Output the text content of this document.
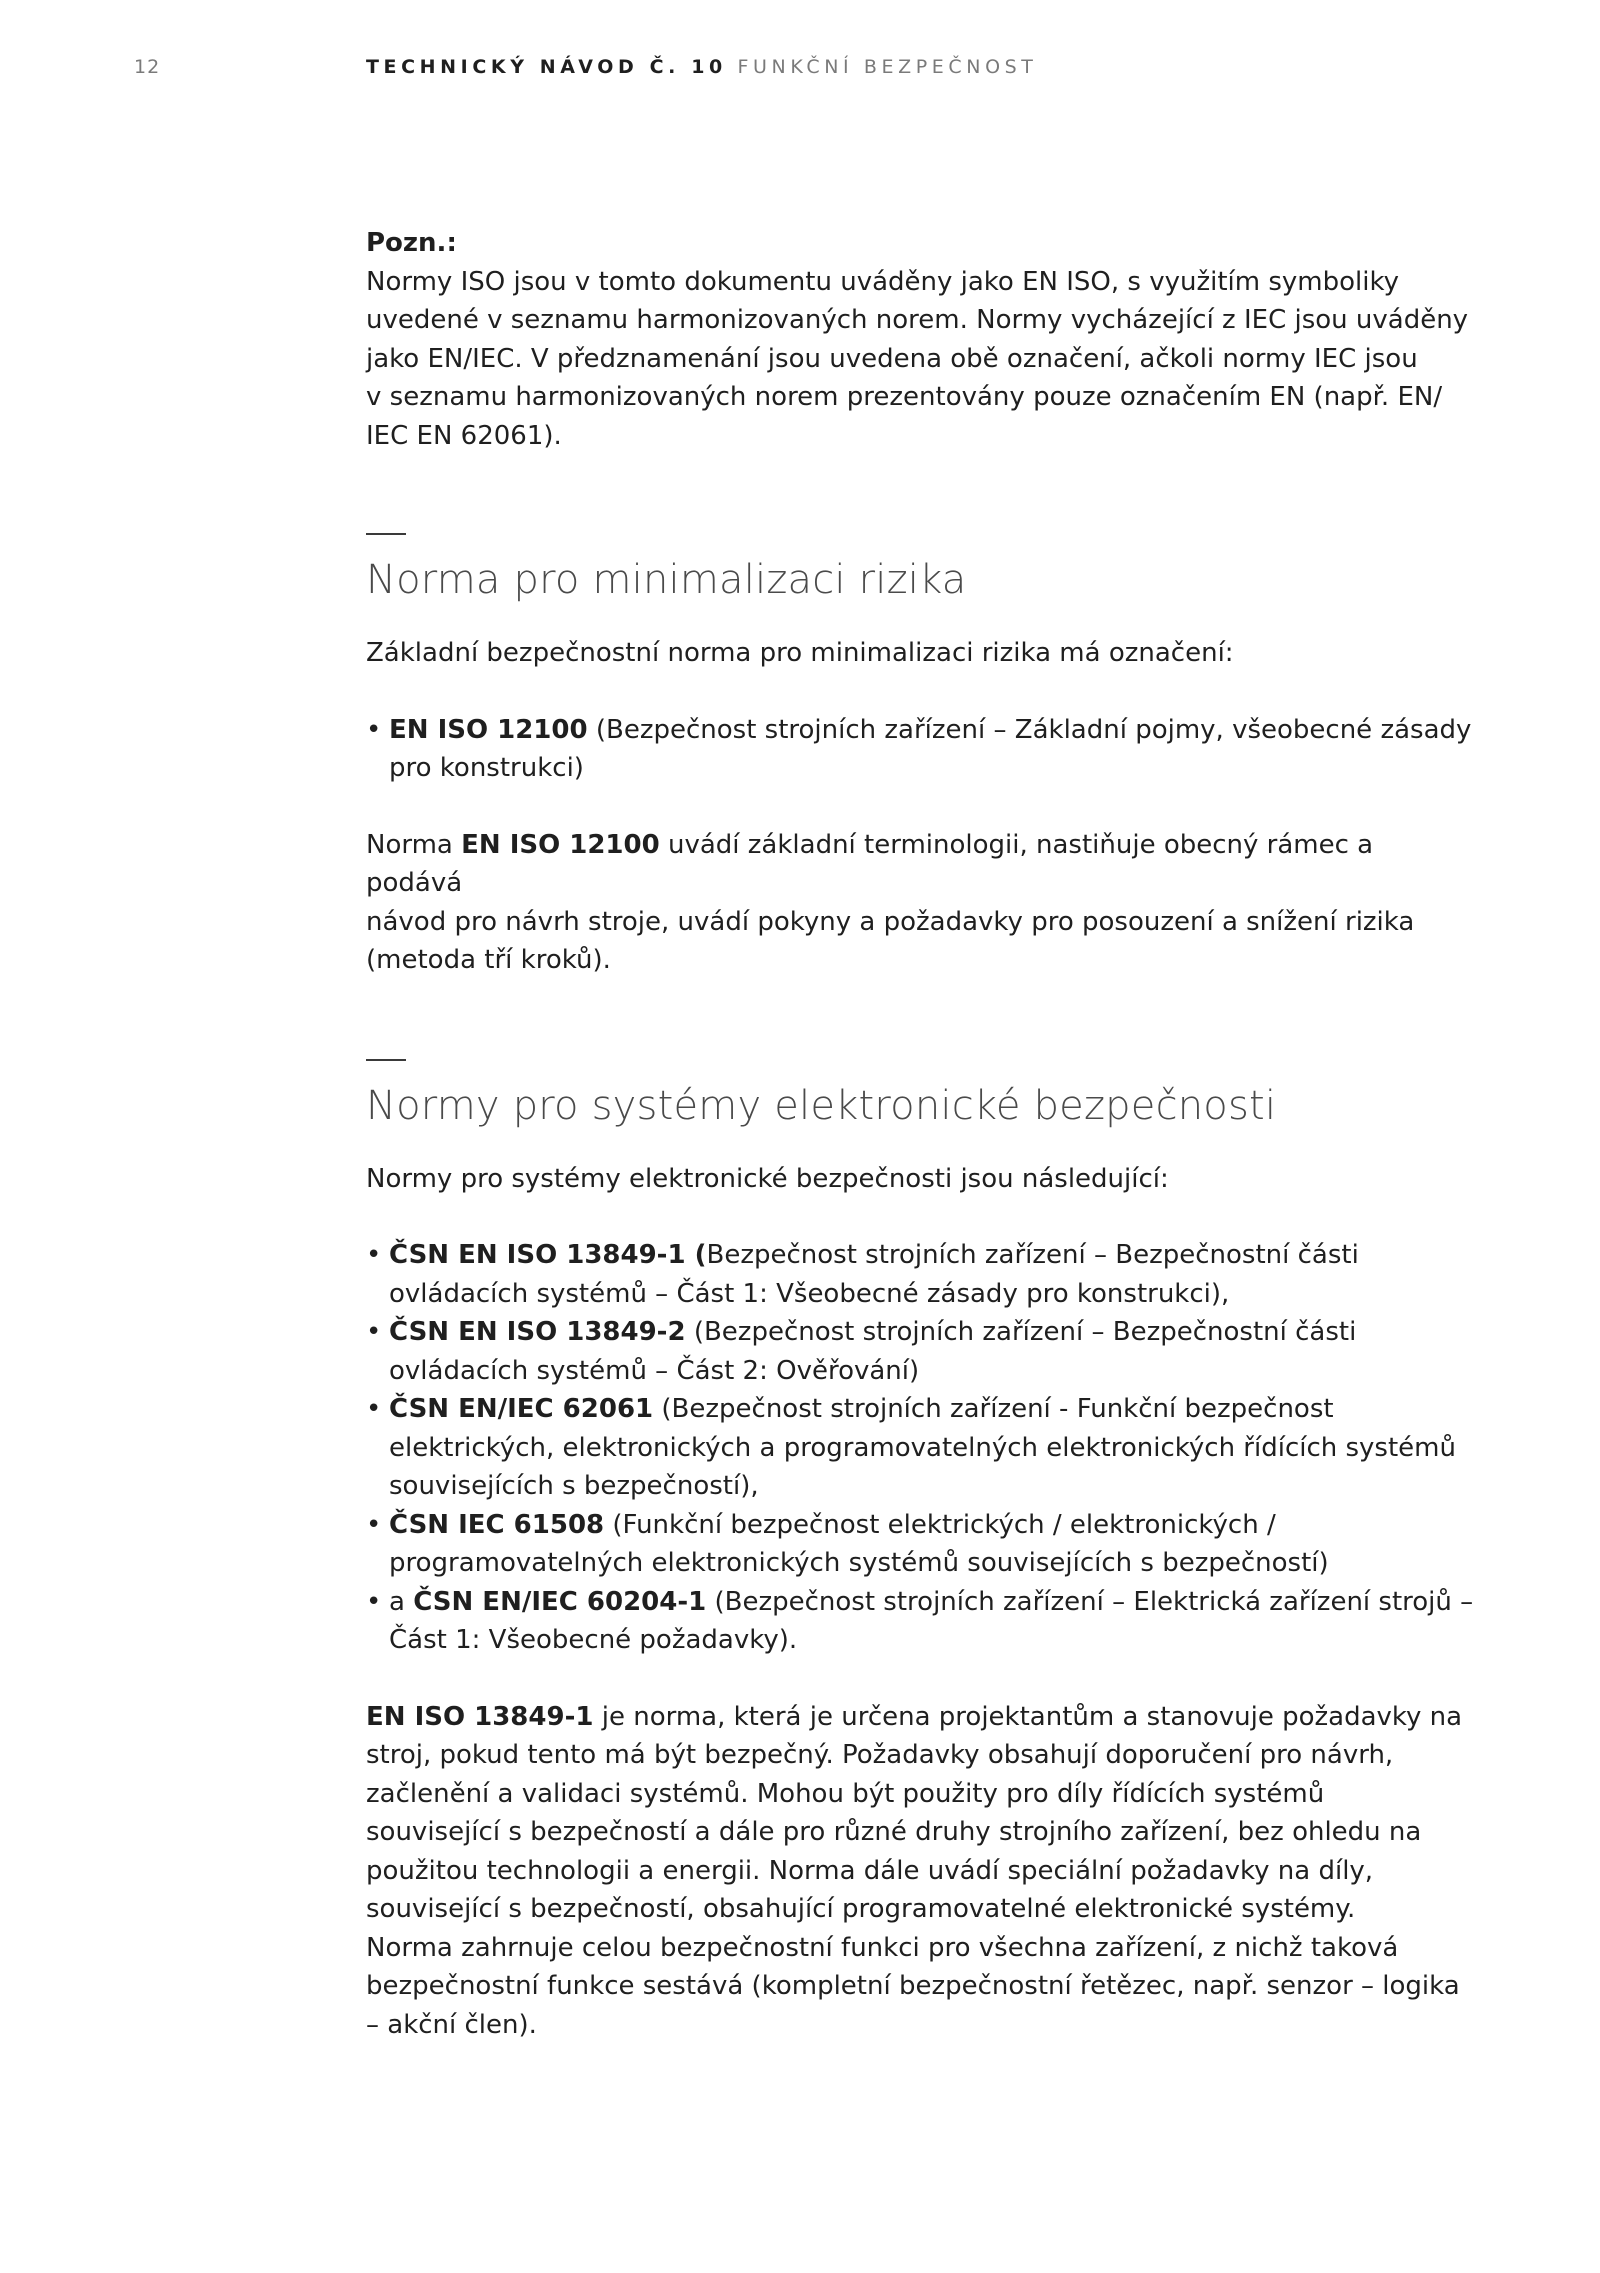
12	TECHNICKÝ NÁVOD Č. 10 FUNKČNÍ BEZPEČNOST
Pozn.:
Normy ISO jsou v tomto dokumentu uváděny jako EN ISO, s využitím symboliky
uvedené v seznamu harmonizovaných norem. Normy vycházející z IEC jsou uváděny
jako EN/IEC. V předznamenání jsou uvedena obě označení, ačkoli normy IEC jsou
v seznamu harmonizovaných norem prezentovány pouze označením EN (např. EN/
IEC EN 62061).
Norma pro minimalizaci rizika
Základní bezpečnostní norma pro minimalizaci rizika má označení:
• EN ISO 12100 (Bezpečnost strojních zařízení – Základní pojmy, všeobecné zásady
pro konstrukci)
Norma EN ISO 12100 uvádí základní terminologii, nastiňuje obecný rámec a podává
návod pro návrh stroje, uvádí pokyny a požadavky pro posouzení a snížení rizika
(metoda tří kroků).
Normy pro systémy elektronické bezpečnosti
Normy pro systémy elektronické bezpečnosti jsou následující:
• ČSN EN ISO 13849-1 (Bezpečnost strojních zařízení – Bezpečnostní části
ovládacích systémů – Část 1: Všeobecné zásady pro konstrukci),
• ČSN EN ISO 13849-2 (Bezpečnost strojních zařízení – Bezpečnostní části
ovládacích systémů – Část 2: Ověřování)
• ČSN EN/IEC 62061 (Bezpečnost strojních zařízení - Funkční bezpečnost
elektrických, elektronických a programovatelných elektronických řídících systémů
souvisejících s bezpečností),
• ČSN IEC 61508 (Funkční bezpečnost elektrických / elektronických /
programovatelných elektronických systémů souvisejících s bezpečností)
• a ČSN EN/IEC 60204-1 (Bezpečnost strojních zařízení – Elektrická zařízení strojů –
Část 1: Všeobecné požadavky).
EN ISO 13849-1 je norma, která je určena projektantům a stanovuje požadavky na
stroj, pokud tento má být bezpečný. Požadavky obsahují doporučení pro návrh,
začlenění a validaci systémů. Mohou být použity pro díly řídících systémů
související s bezpečností a dále pro různé druhy strojního zařízení, bez ohledu na
použitou technologii a energii. Norma dále uvádí speciální požadavky na díly,
související s bezpečností, obsahující programovatelné elektronické systémy.
Norma zahrnuje celou bezpečnostní funkci pro všechna zařízení, z nichž taková
bezpečnostní funkce sestává (kompletní bezpečnostní řetězec, např. senzor – logika
– akční člen).
